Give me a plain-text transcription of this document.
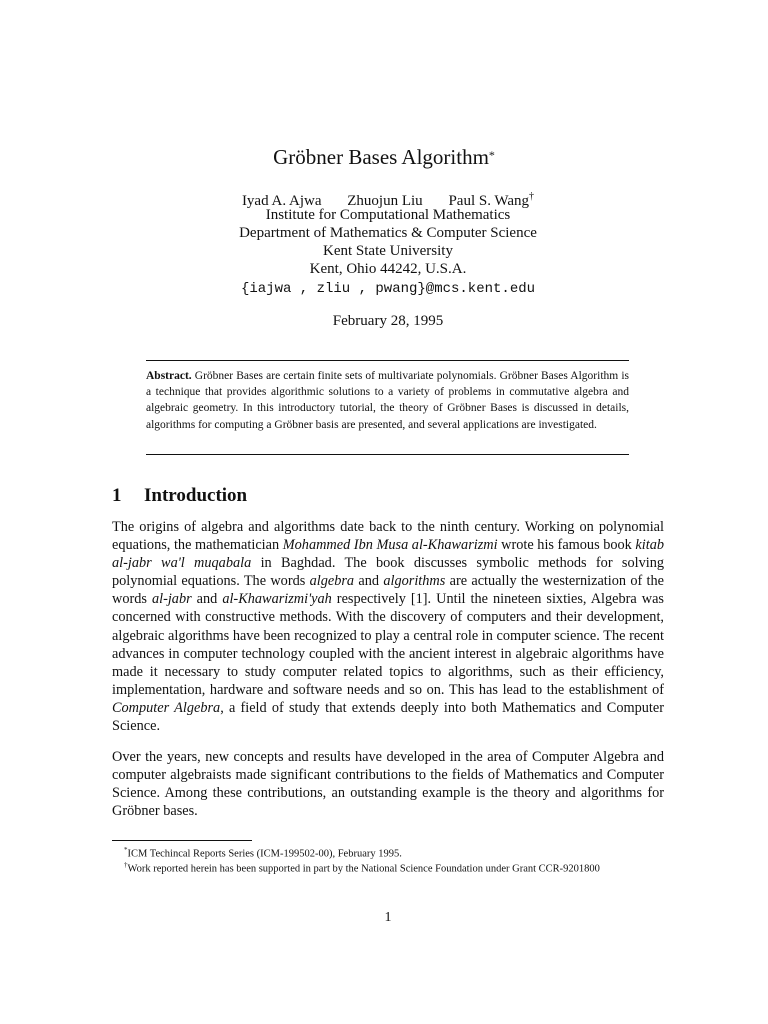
Gröbner Bases Algorithm*
Iyad A. Ajwa Zhuojun Liu Paul S. Wang†
Institute for Computational Mathematics
Department of Mathematics & Computer Science
Kent State University
Kent, Ohio 44242, U.S.A.
{iajwa , zliu , pwang}@mcs.kent.edu
February 28, 1995
Abstract. Gröbner Bases are certain finite sets of multivariate polynomials. Gröbner Bases Algorithm is a technique that provides algorithmic solutions to a variety of problems in commutative algebra and algebraic geometry. In this introductory tutorial, the theory of Gröbner Bases is discussed in details, algorithms for computing a Gröbner basis are presented, and several applications are investigated.
1 Introduction
The origins of algebra and algorithms date back to the ninth century. Working on polynomial equations, the mathematician Mohammed Ibn Musa al-Khawarizmi wrote his famous book kitab al-jabr wa'l muqabala in Baghdad. The book discusses symbolic methods for solving polynomial equations. The words algebra and algorithms are actually the westernization of the words al-jabr and al-Khawarizmi'yah respectively [1]. Until the nineteen sixties, Algebra was concerned with constructive methods. With the discovery of computers and their development, algebraic algorithms have been recognized to play a central role in computer science. The recent advances in computer technology coupled with the ancient interest in algebraic algorithms have made it necessary to study computer related topics to algorithms, such as their efficiency, implementation, hardware and software needs and so on. This has lead to the establishment of Computer Algebra, a field of study that extends deeply into both Mathematics and Computer Science.
Over the years, new concepts and results have developed in the area of Computer Algebra and computer algebraists made significant contributions to the fields of Mathematics and Computer Science. Among these contributions, an outstanding example is the theory and algorithms for Gröbner bases.
*ICM Techincal Reports Series (ICM-199502-00), February 1995.
†Work reported herein has been supported in part by the National Science Foundation under Grant CCR-9201800
1
